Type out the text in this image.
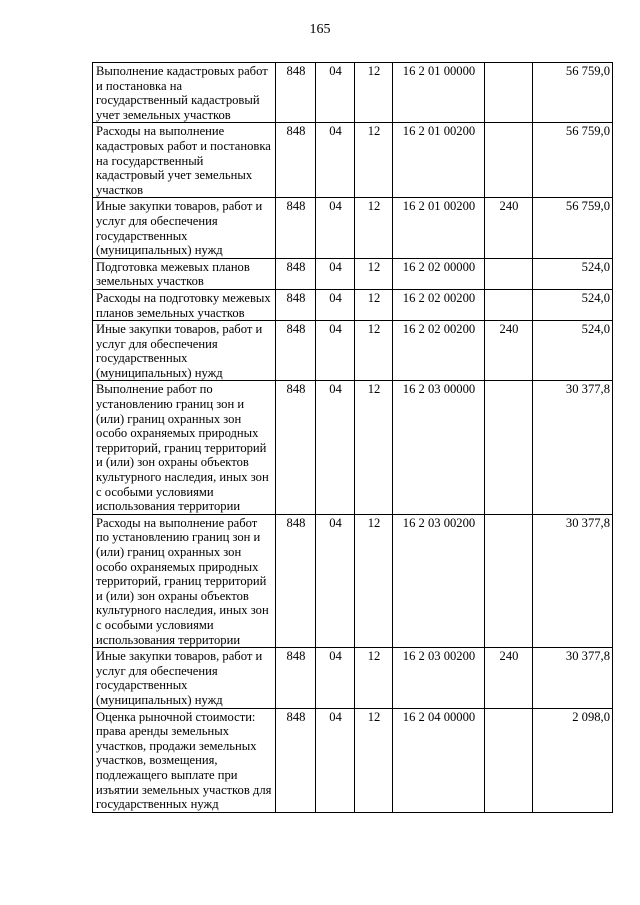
165
Выполнение кадастровых работ и постановка на государственный кадастровый учет земельных участков	848	04	12	16 2 01 00000		56 759,0
Расходы на выполнение кадастровых работ и постановка на государственный кадастровый учет земельных участков	848	04	12	16 2 01 00200		56 759,0
Иные закупки товаров, работ и услуг для обеспечения государственных (муниципальных) нужд	848	04	12	16 2 01 00200	240	56 759,0
Подготовка межевых планов земельных участков	848	04	12	16 2 02 00000		524,0
Расходы на подготовку межевых планов земельных участков	848	04	12	16 2 02 00200		524,0
Иные закупки товаров, работ и услуг для обеспечения государственных (муниципальных) нужд	848	04	12	16 2 02 00200	240	524,0
Выполнение работ по установлению границ зон и (или) границ охранных зон особо охраняемых природных территорий, границ территорий и (или) зон охраны объектов культурного наследия, иных зон с особыми условиями использования территории	848	04	12	16 2 03 00000		30 377,8
Расходы на выполнение работ по установлению границ зон и (или) границ охранных зон особо охраняемых природных территорий, границ территорий и (или) зон охраны объектов культурного наследия, иных зон с особыми условиями использования территории	848	04	12	16 2 03 00200		30 377,8
Иные закупки товаров, работ и услуг для обеспечения государственных (муниципальных) нужд	848	04	12	16 2 03 00200	240	30 377,8
Оценка рыночной стоимости: права аренды земельных участков, продажи земельных участков, возмещения, подлежащего выплате при изъятии земельных участков для государственных нужд	848	04	12	16 2 04 00000		2 098,0
